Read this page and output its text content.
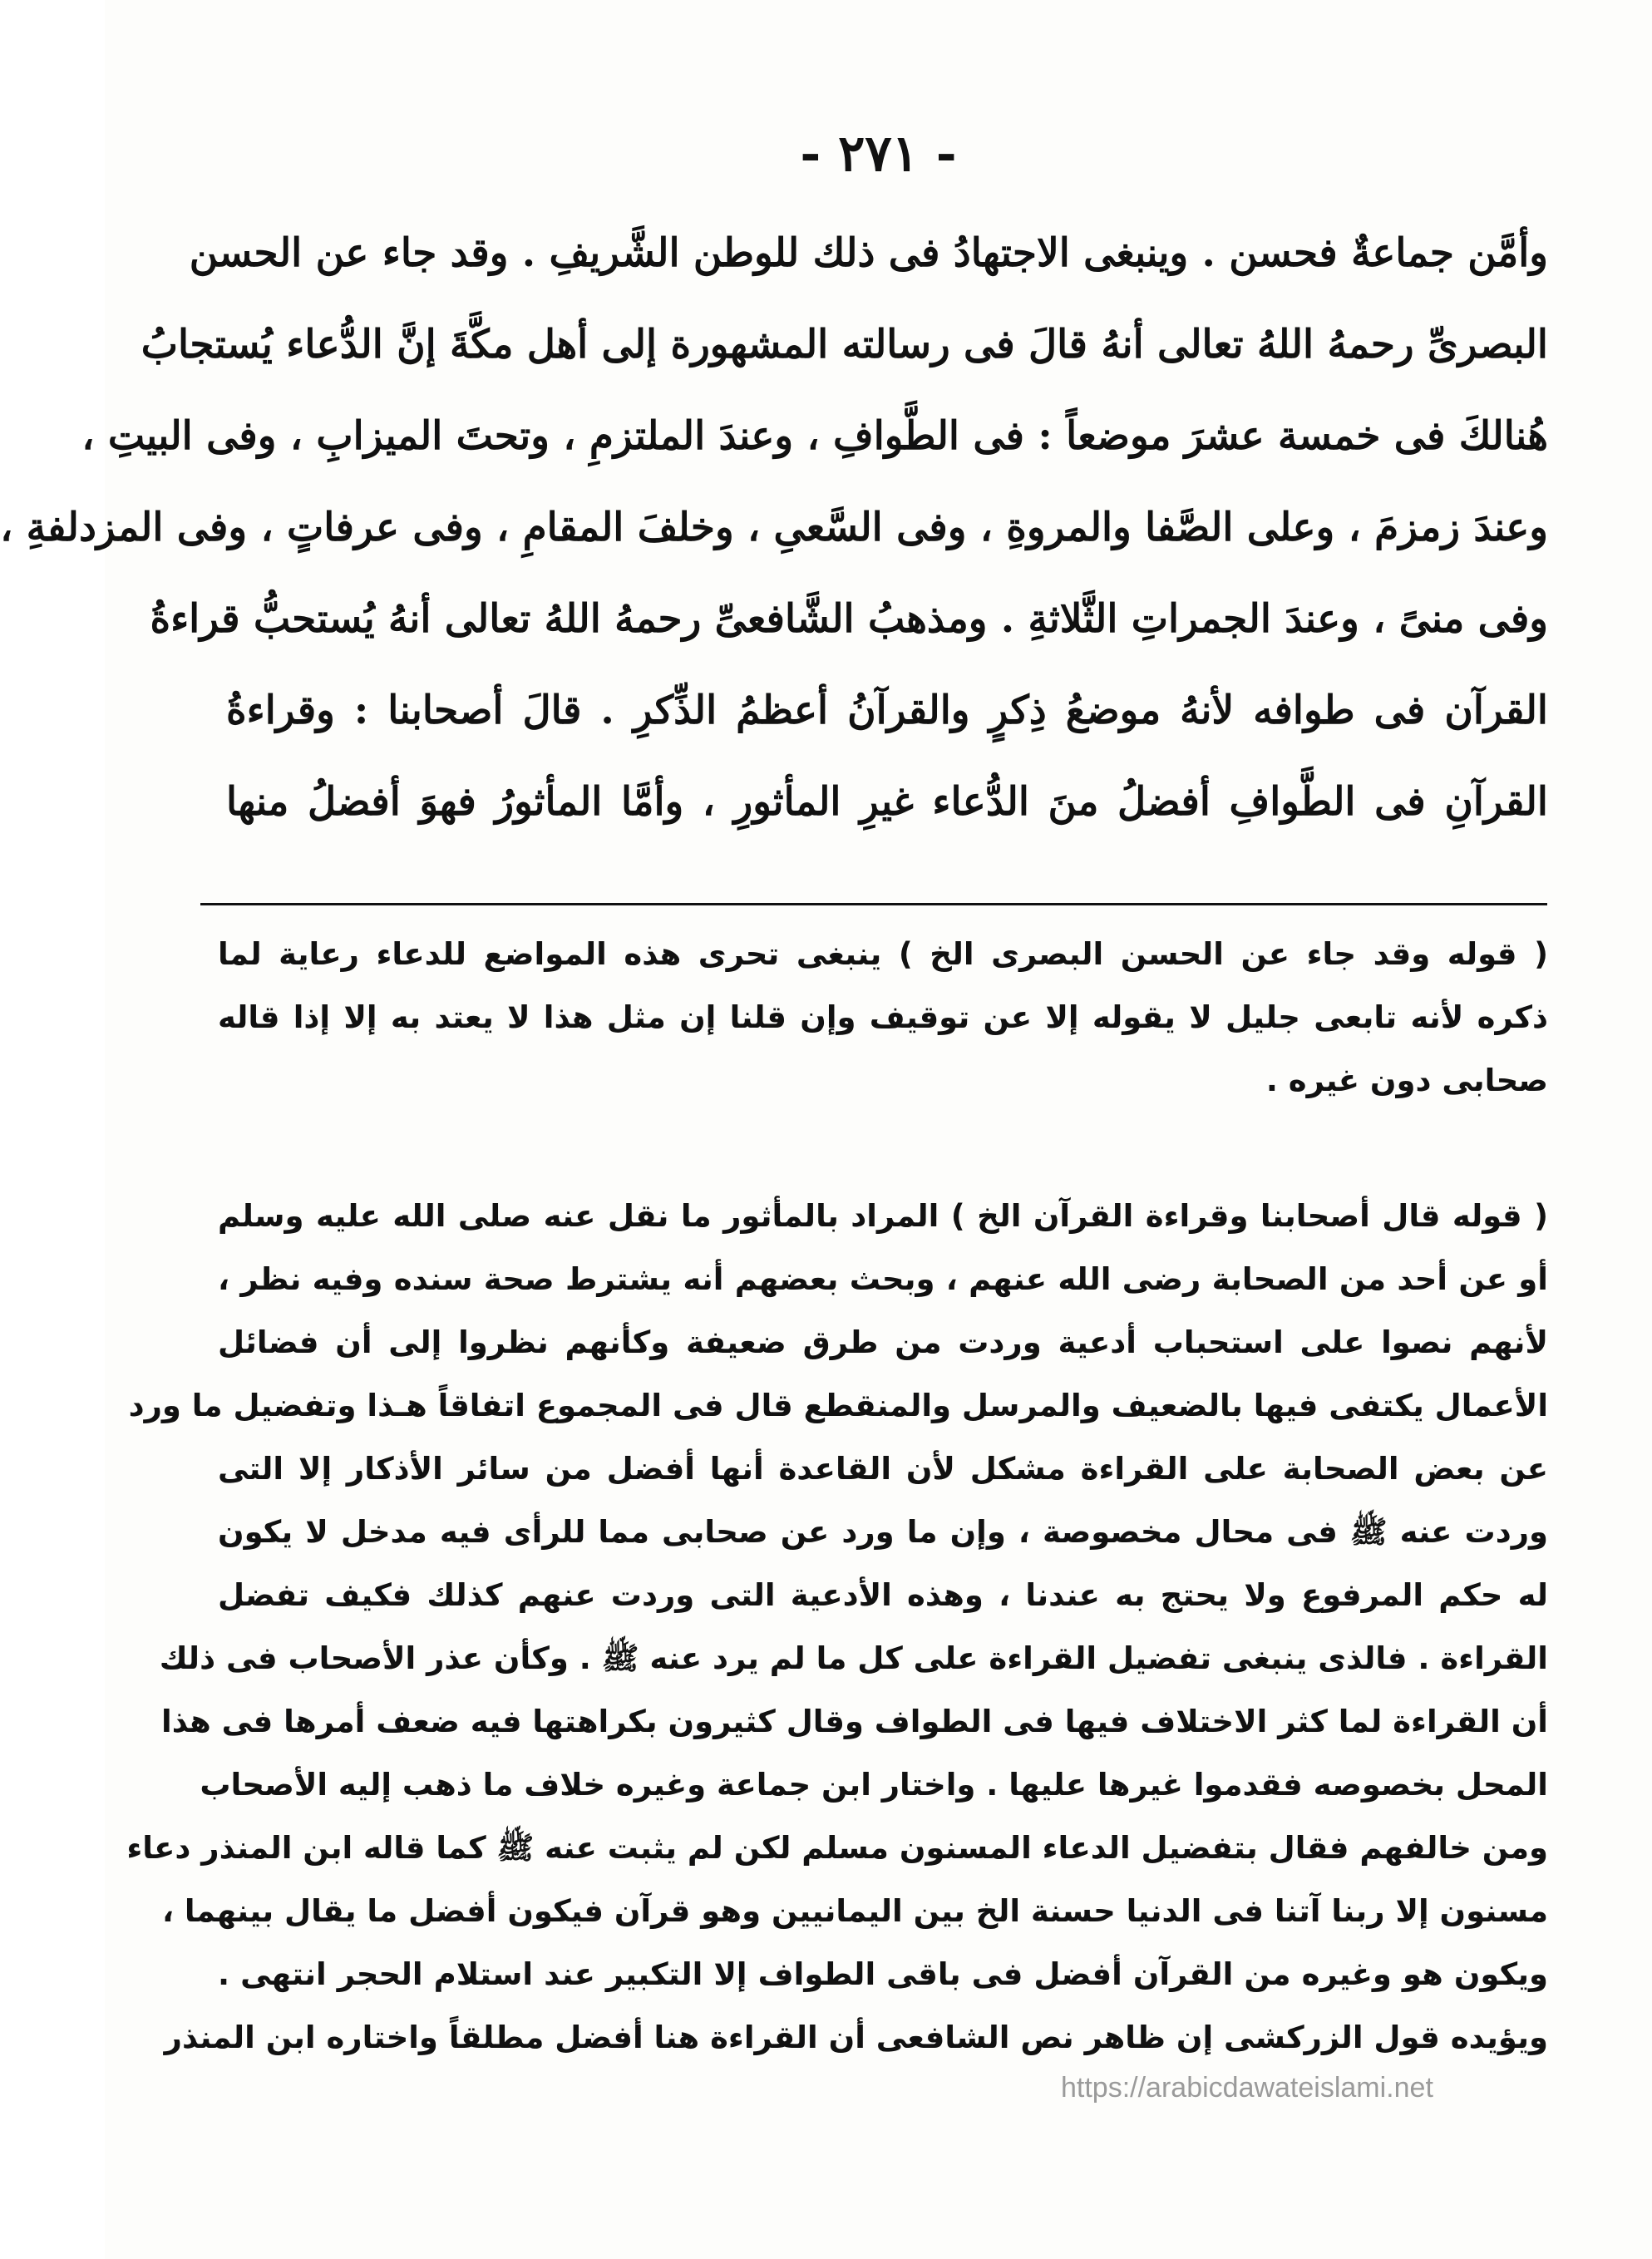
- ٢٧١ -
وأمَّن جماعةٌ فحسن . وينبغى الاجتهادُ فى ذلك للوطن الشَّريفِ . وقد جاء عن الحسن
البصرىِّ رحمهُ اللهُ تعالى أنهُ قالَ فى رسالته المشهورة إلى أهل مكَّةَ إنَّ الدُّعاء يُستجابُ
هُنالكَ فى خمسة عشرَ موضعاً : فى الطَّوافِ ، وعندَ الملتزمِ ، وتحتَ الميزابِ ، وفى البيتِ ،
وعندَ زمزمَ ، وعلى الصَّفا والمروةِ ، وفى السَّعىِ ، وخلفَ المقامِ ، وفى عرفاتٍ ، وفى المزدلفةِ ،
وفى منىً ، وعندَ الجمراتِ الثَّلاثةِ . ومذهبُ الشَّافعىِّ رحمهُ اللهُ تعالى أنهُ يُستحبُّ قراءةُ
القرآن فى طوافه لأنهُ موضعُ ذِكرٍ والقرآنُ أعظمُ الذِّكرِ . قالَ أصحابنا : وقراءةُ
القرآنِ فى الطَّوافِ أفضلُ منَ الدُّعاء غيرِ المأثورِ ، وأمَّا المأثورُ فهوَ أفضلُ منها
( قوله وقد جاء عن الحسن البصرى الخ ) ينبغى تحرى هذه المواضع للدعاء رعاية لما
ذكره لأنه تابعى جليل لا يقوله إلا عن توقيف وإن قلنا إن مثل هذا لا يعتد به إلا إذا قاله
صحابى دون غيره .
( قوله قال أصحابنا وقراءة القرآن الخ ) المراد بالمأثور ما نقل عنه صلى الله عليه وسلم
أو عن أحد من الصحابة رضى الله عنهم ، وبحث بعضهم أنه يشترط صحة سنده وفيه نظر ،
لأنهم نصوا على استحباب أدعية وردت من طرق ضعيفة وكأنهم نظروا إلى أن فضائل
الأعمال يكتفى فيها بالضعيف والمرسل والمنقطع قال فى المجموع اتفاقاً هـذا وتفضيل ما ورد
عن بعض الصحابة على القراءة مشكل لأن القاعدة أنها أفضل من سائر الأذكار إلا التى
وردت عنه ﷺ فى محال مخصوصة ، وإن ما ورد عن صحابى مما للرأى فيه مدخل لا يكون
له حكم المرفوع ولا يحتج به عندنا ، وهذه الأدعية التى وردت عنهم كذلك فكيف تفضل
القراءة . فالذى ينبغى تفضيل القراءة على كل ما لم يرد عنه ﷺ . وكأن عذر الأصحاب فى ذلك
أن القراءة لما كثر الاختلاف فيها فى الطواف وقال كثيرون بكراهتها فيه ضعف أمرها فى هذا
المحل بخصوصه فقدموا غيرها عليها . واختار ابن جماعة وغيره خلاف ما ذهب إليه الأصحاب
ومن خالفهم فقال بتفضيل الدعاء المسنون مسلم لكن لم يثبت عنه ﷺ كما قاله ابن المنذر دعاء
مسنون إلا ربنا آتنا فى الدنيا حسنة الخ بين اليمانيين وهو قرآن فيكون أفضل ما يقال بينهما ،
ويكون هو وغيره من القرآن أفضل فى باقى الطواف إلا التكبير عند استلام الحجر انتهى .
ويؤيده قول الزركشى إن ظاهر نص الشافعى أن القراءة هنا أفضل مطلقاً واختاره ابن المنذر
https://arabicdawateislami.net
